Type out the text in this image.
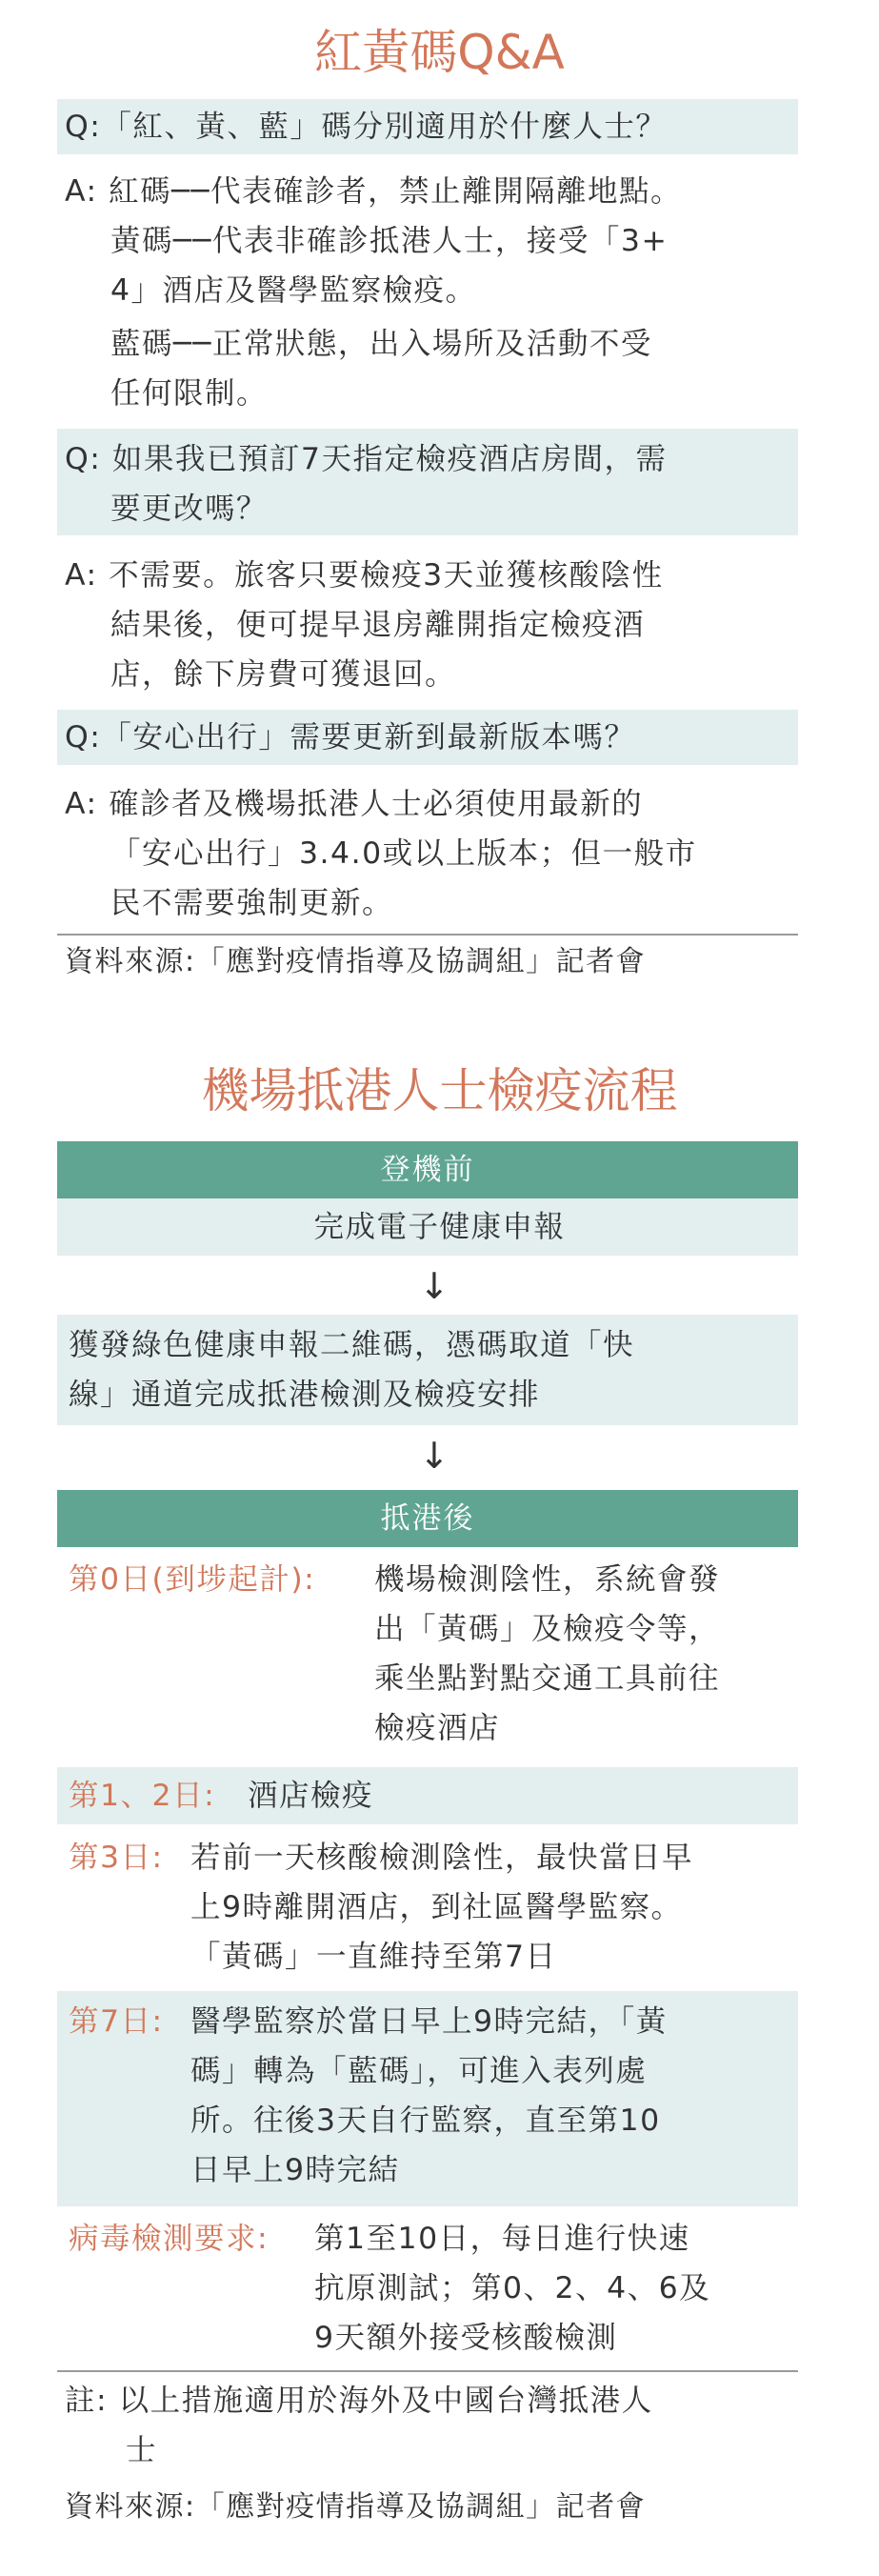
紅黃碼Q&A
Q:「紅、黃、藍」碼分別適用於什麼人士？
A: 紅碼──代表確診者，禁止離開隔離地點。
黃碼──代表非確診抵港人士，接受「3+
4」酒店及醫學監察檢疫。
藍碼──正常狀態，出入場所及活動不受
任何限制。
Q: 如果我已預訂7天指定檢疫酒店房間，需
要更改嗎？
A: 不需要。旅客只要檢疫3天並獲核酸陰性
結果後，便可提早退房離開指定檢疫酒
店，餘下房費可獲退回。
Q:「安心出行」需要更新到最新版本嗎？
A: 確診者及機場抵港人士必須使用最新的
「安心出行」3.4.0或以上版本；但一般市
民不需要強制更新。
資料來源:「應對疫情指導及協調組」記者會
機場抵港人士檢疫流程
登機前
完成電子健康申報
↓
獲發綠色健康申報二維碼，憑碼取道「快
線」通道完成抵港檢測及檢疫安排
↓
抵港後
第0日(到埗起計): 機場檢測陰性，系統會發
出「黃碼」及檢疫令等，
乘坐點對點交通工具前往
檢疫酒店
第1、2日: 酒店檢疫
第3日: 若前一天核酸檢測陰性，最快當日早
上9時離開酒店，到社區醫學監察。
「黃碼」一直維持至第7日
第7日: 醫學監察於當日早上9時完結，「黃
碼」轉為「藍碼」，可進入表列處
所。往後3天自行監察，直至第10
日早上9時完結
病毒檢測要求: 第1至10日，每日進行快速
抗原測試；第0、2、4、6及
9天額外接受核酸檢測
註: 以上措施適用於海外及中國台灣抵港人
士
資料來源:「應對疫情指導及協調組」記者會
